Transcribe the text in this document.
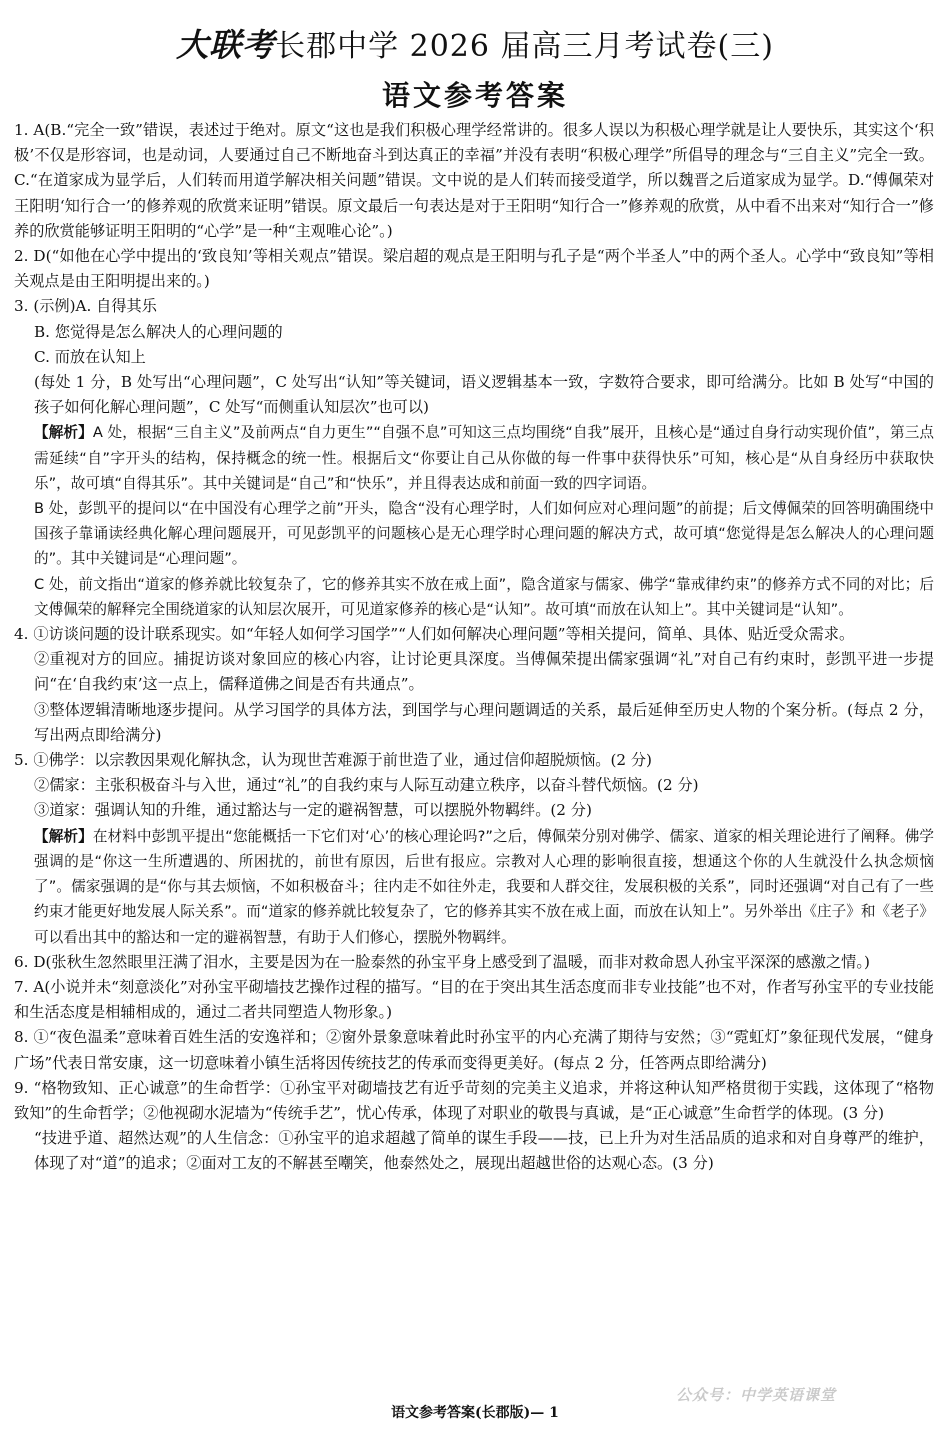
大联考长郡中学 2026 届高三月考试卷(三)
语文参考答案

1. A(B.“完全一致”错误，表述过于绝对。原文“这也是我们积极心理学经常讲的。很多人误以为积极心理学就是让人要快乐，其实这个‘积极’不仅是形容词，也是动词，人要通过自己不断地奋斗到达真正的幸福”并没有表明“积极心理学”所倡导的理念与“三自主义”完全一致。C.“在道家成为显学后，人们转而用道学解决相关问题”错误。文中说的是人们转而接受道学，所以魏晋之后道家成为显学。D.“傅佩荣对王阳明‘知行合一’的修养观的欣赏来证明”错误。原文最后一句表达是对于王阳明“知行合一”修养观的欣赏，从中看不出来对“知行合一”修养的欣赏能够证明王阳明的“心学”是一种“主观唯心论”。)

2. D(“如他在心学中提出的‘致良知’等相关观点”错误。梁启超的观点是王阳明与孔子是“两个半圣人”中的两个圣人。心学中“致良知”等相关观点是由王阳明提出来的。)

3. (示例)A. 自得其乐

B. 您觉得是怎么解决人的心理问题的

C. 而放在认知上

(每处 1 分，B 处写出“心理问题”，C 处写出“认知”等关键词，语义逻辑基本一致，字数符合要求，即可给满分。比如 B 处写“中国的孩子如何化解心理问题”，C 处写“而侧重认知层次”也可以)

【解析】A 处，根据“三自主义”及前两点“自力更生”“自强不息”可知这三点均围绕“自我”展开，且核心是“通过自身行动实现价值”，第三点需延续“自”字开头的结构，保持概念的统一性。根据后文“你要让自己从你做的每一件事中获得快乐”可知，核心是“从自身经历中获取快乐”，故可填“自得其乐”。其中关键词是“自己”和“快乐”，并且得表达成和前面一致的四字词语。

B 处，彭凯平的提问以“在中国没有心理学之前”开头，隐含“没有心理学时，人们如何应对心理问题”的前提；后文傅佩荣的回答明确围绕中国孩子靠诵读经典化解心理问题展开，可见彭凯平的问题核心是无心理学时心理问题的解决方式，故可填“您觉得是怎么解决人的心理问题的”。其中关键词是“心理问题”。

C 处，前文指出“道家的修养就比较复杂了，它的修养其实不放在戒上面”，隐含道家与儒家、佛学“靠戒律约束”的修养方式不同的对比；后文傅佩荣的解释完全围绕道家的认知层次展开，可见道家修养的核心是“认知”。故可填“而放在认知上”。其中关键词是“认知”。

4. ①访谈问题的设计联系现实。如“年轻人如何学习国学”“人们如何解决心理问题”等相关提问，简单、具体、贴近受众需求。

②重视对方的回应。捕捉访谈对象回应的核心内容，让讨论更具深度。当傅佩荣提出儒家强调“礼”对自己有约束时，彭凯平进一步提问“在‘自我约束’这一点上，儒释道佛之间是否有共通点”。

③整体逻辑清晰地逐步提问。从学习国学的具体方法，到国学与心理问题调适的关系，最后延伸至历史人物的个案分析。(每点 2 分，写出两点即给满分)

5. ①佛学：以宗教因果观化解执念，认为现世苦难源于前世造了业，通过信仰超脱烦恼。(2 分)

②儒家：主张积极奋斗与入世，通过“礼”的自我约束与人际互动建立秩序，以奋斗替代烦恼。(2 分)

③道家：强调认知的升维，通过豁达与一定的避祸智慧，可以摆脱外物羁绊。(2 分)

【解析】在材料中彭凯平提出“您能概括一下它们对‘心’的核心理论吗?”之后，傅佩荣分别对佛学、儒家、道家的相关理论进行了阐释。佛学强调的是“你这一生所遭遇的、所困扰的，前世有原因，后世有报应。宗教对人心理的影响很直接，想通这个你的人生就没什么执念烦恼了”。儒家强调的是“你与其去烦恼，不如积极奋斗；往内走不如往外走，我要和人群交往，发展积极的关系”，同时还强调“对自己有了一些约束才能更好地发展人际关系”。而“道家的修养就比较复杂了，它的修养其实不放在戒上面，而放在认知上”。另外举出《庄子》和《老子》可以看出其中的豁达和一定的避祸智慧，有助于人们修心，摆脱外物羁绊。

6. D(张秋生忽然眼里汪满了泪水，主要是因为在一脸泰然的孙宝平身上感受到了温暖，而非对救命恩人孙宝平深深的感激之情。)

7. A(小说并未“刻意淡化”对孙宝平砌墙技艺操作过程的描写。“目的在于突出其生活态度而非专业技能”也不对，作者写孙宝平的专业技能和生活态度是相辅相成的，通过二者共同塑造人物形象。)

8. ①“夜色温柔”意味着百姓生活的安逸祥和；②窗外景象意味着此时孙宝平的内心充满了期待与安然；③“霓虹灯”象征现代发展，“健身广场”代表日常安康，这一切意味着小镇生活将因传统技艺的传承而变得更美好。(每点 2 分，任答两点即给满分)

9. “格物致知、正心诚意”的生命哲学：①孙宝平对砌墙技艺有近乎苛刻的完美主义追求，并将这种认知严格贯彻于实践，这体现了“格物致知”的生命哲学；②他视砌水泥墙为“传统手艺”，忧心传承，体现了对职业的敬畏与真诚，是“正心诚意”生命哲学的体现。(3 分)

“技进乎道、超然达观”的人生信念：①孙宝平的追求超越了简单的谋生手段——技，已上升为对生活品质的追求和对自身尊严的维护，体现了对“道”的追求；②面对工友的不解甚至嘲笑，他泰然处之，展现出超越世俗的达观心态。(3 分)

公众号：中学英语课堂
语文参考答案(长郡版)— 1
